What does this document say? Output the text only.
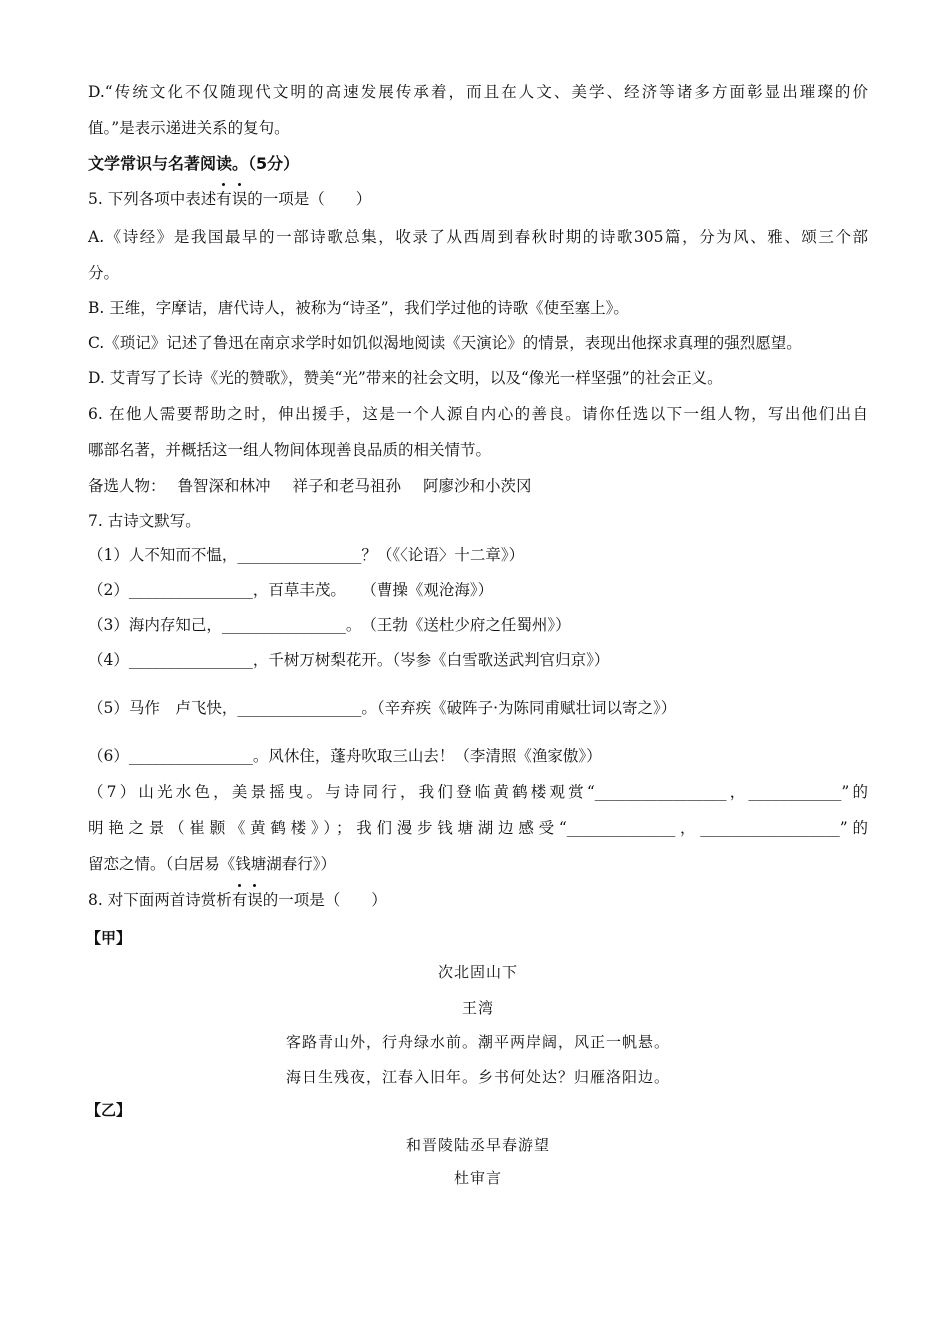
D.“传统文化不仅随现代文明的高速发展传承着，而且在人文、美学、经济等诸多方面彰显出璀璨的价
值。”是表示递进关系的复句。
文学常识与名著阅读。（5分）
5. 下列各项中表述
有
误的一项是（　　）
A.《诗经》是我国最早的一部诗歌总集，收录了从西周到春秋时期的诗歌305篇，分为风、雅、颂三个部
分。
B. 王维，字摩诘，唐代诗人，被称为“诗圣”，我们学过他的诗歌《使至塞上》。
C.《琐记》记述了鲁迅在南京求学时如饥似渴地阅读《天演论》的情景，表现出他探求真理的强烈愿望。
D. 艾青写了长诗《光的赞歌》，赞美“光”带来的社会文明，以及“像光一样坚强”的社会正义。
6. 在他人需要帮助之时，伸出援手，这是一个人源自内心的善良。请你任选以下一组人物，写出他们出自
哪部名著，并概括这一组人物间体现善良品质的相关情节。
备选人物： 鲁智深和林冲 祥子和老马祖孙 阿廖沙和小茨冈
7. 古诗文默写。
（1）人不知而不愠，________________？（《〈论语〉十二章》）
（2）________________，百草丰茂。　　（曹操《观沧海》）
（3）海内存知己，________________。　（王勃《送杜少府之任蜀州》）
（4）________________，千树万树梨花开。（岑参《白雪歌送武判官归京》）
（5）马作　卢飞快，________________。（辛弃疾《破阵子·为陈同甫赋壮词以寄之》）
（6）________________。风休住，蓬舟吹取三山去！（李清照《渔家傲》）
（7）山光水色，美景摇曳。与诗同行，我们登临黄鹤楼观赏“_________________，____________”的
明艳之景（崔颢《黄鹤楼》）；我们漫步钱塘湖边感受“______________，__________________”的
留恋之情。（白居易《钱塘湖春行》）
8. 对下面两首诗赏析
有
误的一项是（　　）
【甲】
次北固山下
王湾
客路青山外，行舟绿水前。潮平两岸阔，风正一帆悬。
海日生残夜，江春入旧年。乡书何处达？归雁洛阳边。
【乙】
和晋陵陆丞早春游望
杜审言
